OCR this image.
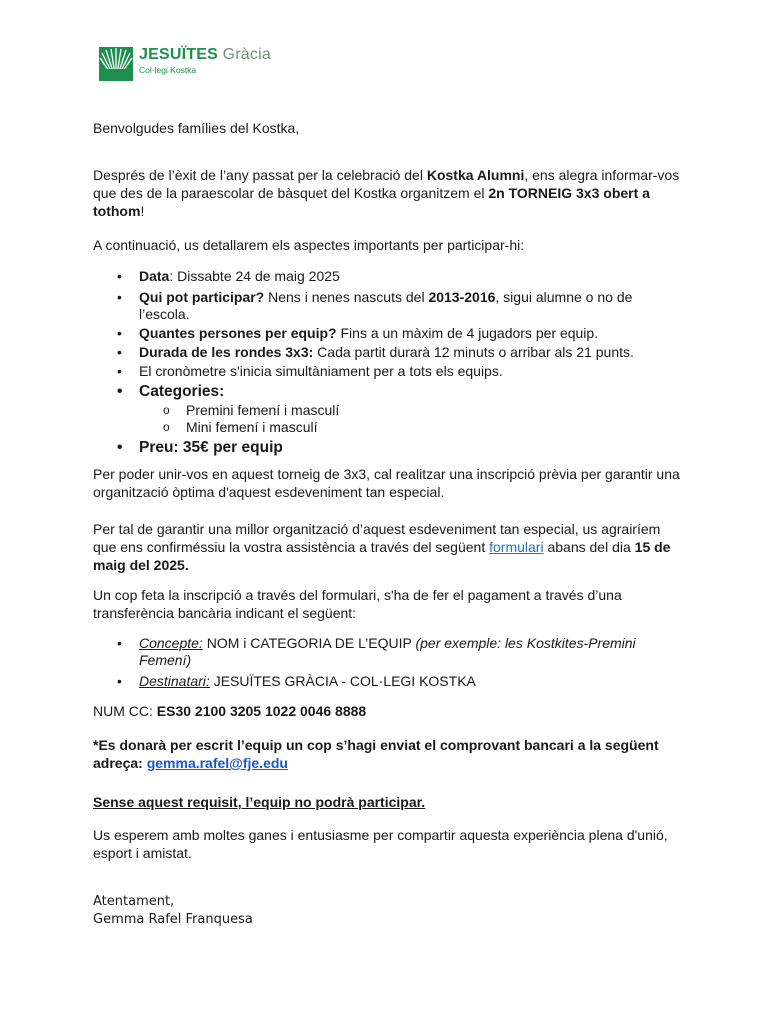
JESUÏTES Gràcia
Col·legi Kostka

Benvolgudes famílies del Kostka,

Després de l’èxit de l’any passat per la celebració del Kostka Alumni, ens alegra informar-vos que des de la paraescolar de bàsquet del Kostka organitzem el 2n TORNEIG 3x3 obert a tothom!

A continuació, us detallarem els aspectes importants per participar-hi:

• Data: Dissabte 24 de maig 2025
• Qui pot participar? Nens i nenes nascuts del 2013-2016, sigui alumne o no de l’escola.
• Quantes persones per equip? Fins a un màxim de 4 jugadors per equip.
• Durada de les rondes 3x3: Cada partit durarà 12 minuts o arribar als 21 punts.
• El cronòmetre s'inicia simultàniament per a tots els equips.
• Categories:
o Premini femení i masculí
o Mini femení i masculí
• Preu: 35€ per equip

Per poder unir-vos en aquest torneig de 3x3, cal realitzar una inscripció prèvia per garantir una organització òptima d'aquest esdeveniment tan especial.

Per tal de garantir una millor organització d’aquest esdeveniment tan especial, us agrairíem que ens confirméssiu la vostra assistència a través del següent formulari abans del dia 15 de maig del 2025.

Un cop feta la inscripció a través del formulari, s'ha de fer el pagament a través d’una transferència bancària indicant el següent:

• Concepte: NOM i CATEGORIA DE L’EQUIP (per exemple: les Kostkites-Premini Femení)
• Destinatari: JESUÏTES GRÀCIA - COL·LEGI KOSTKA

NUM CC: ES30 2100 3205 1022 0046 8888

*Es donarà per escrit l’equip un cop s’hagi enviat el comprovant bancari a la següent adreça: gemma.rafel@fje.edu

Sense aquest requisit, l’equip no podrà participar.

Us esperem amb moltes ganes i entusiasme per compartir aquesta experiència plena d'unió, esport i amistat.

Atentament,

Gemma Rafel Franquesa
